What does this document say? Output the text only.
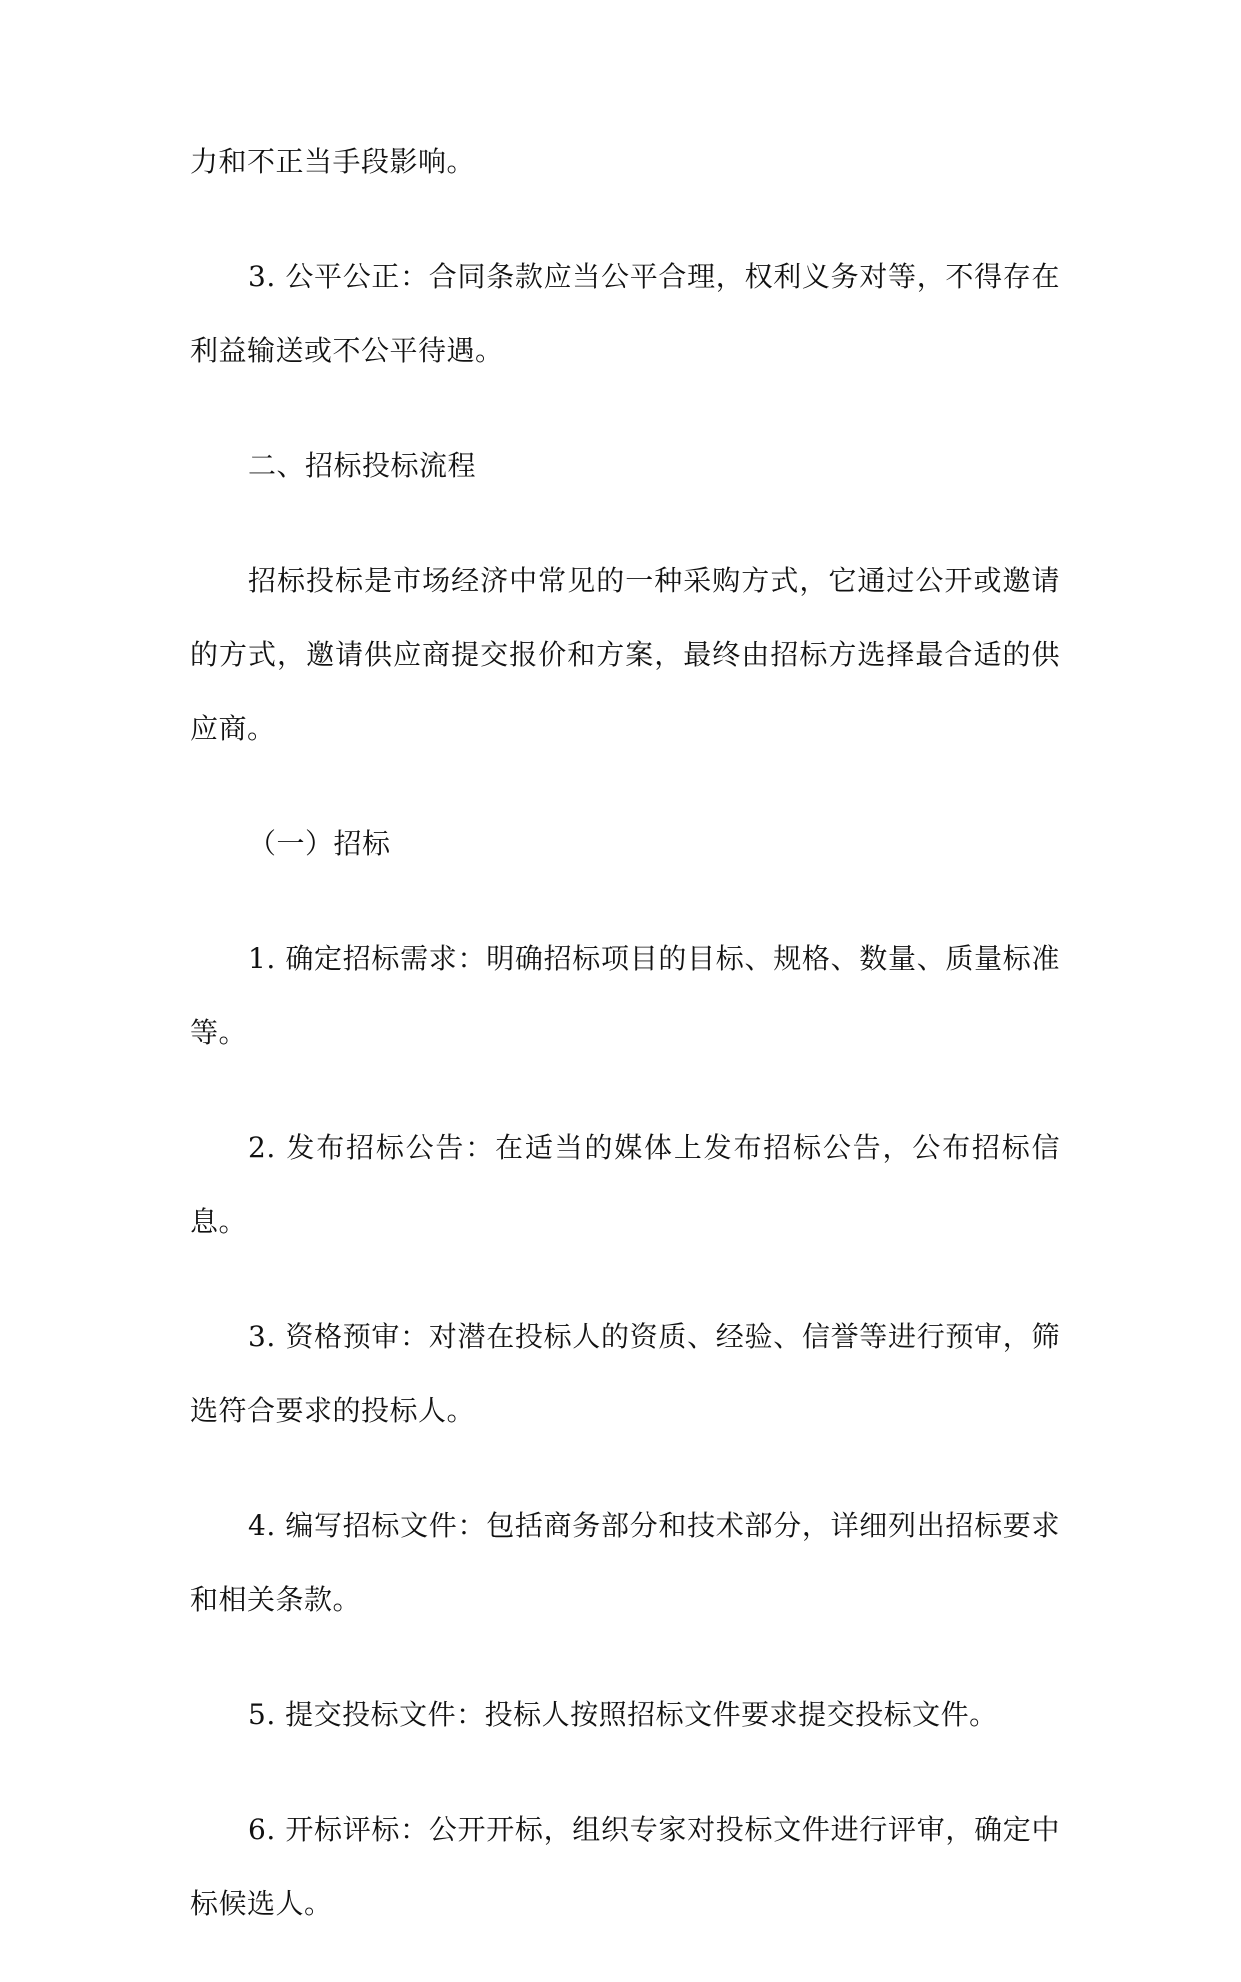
力和不正当手段影响。

3. 公平公正：合同条款应当公平合理，权利义务对等，不得存在利益输送或不公平待遇。

二、招标投标流程

招标投标是市场经济中常见的一种采购方式，它通过公开或邀请的方式，邀请供应商提交报价和方案，最终由招标方选择最合适的供应商。

（一）招标

1. 确定招标需求：明确招标项目的目标、规格、数量、质量标准等。

2. 发布招标公告：在适当的媒体上发布招标公告，公布招标信息。

3. 资格预审：对潜在投标人的资质、经验、信誉等进行预审，筛选符合要求的投标人。

4. 编写招标文件：包括商务部分和技术部分，详细列出招标要求和相关条款。

5. 提交投标文件：投标人按照招标文件要求提交投标文件。

6. 开标评标：公开开标，组织专家对投标文件进行评审，确定中标候选人。
